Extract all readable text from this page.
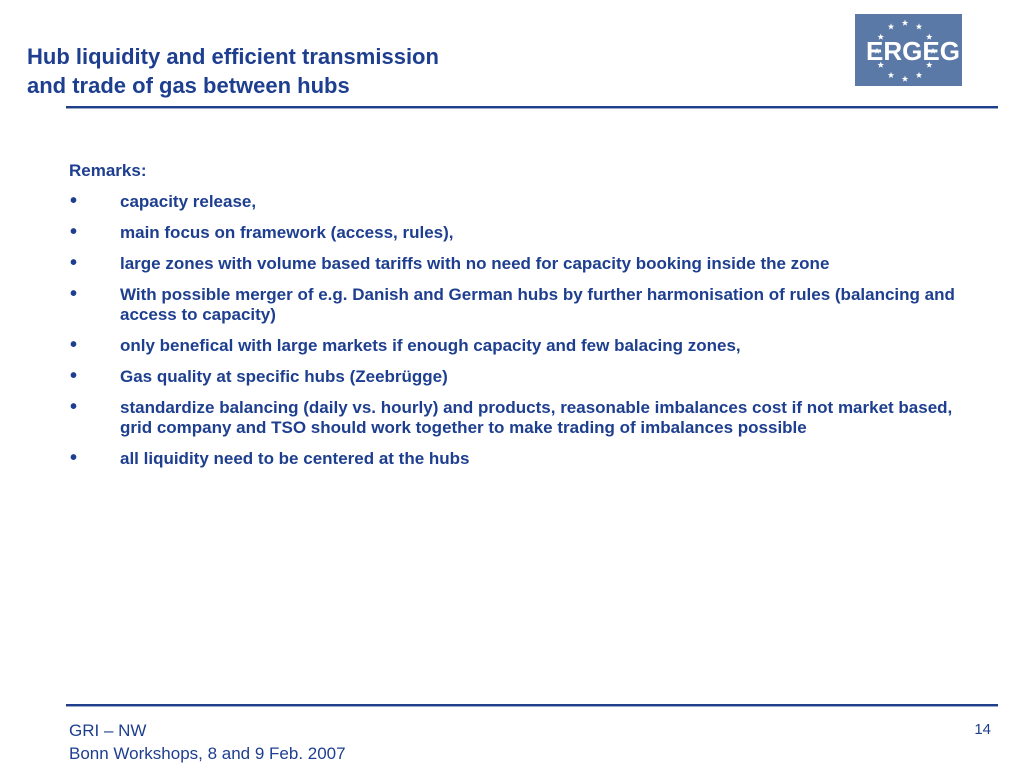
Hub liquidity and efficient transmission
and trade of gas between hubs
ERGEG
Remarks:
• capacity release,
• main focus on framework (access, rules),
• large zones with volume based tariffs with no need for capacity booking inside the zone
• With possible merger of e.g. Danish and German hubs by further harmonisation of rules (balancing and access to capacity)
• only benefical with large markets if enough capacity and few balacing zones,
• Gas quality at specific hubs (Zeebrügge)
• standardize balancing (daily vs. hourly) and products, reasonable imbalances cost if not market based, grid company and TSO should work together to make trading of imbalances possible
• all liquidity need to be centered at the hubs
GRI – NW
Bonn Workshops, 8 and 9 Feb. 2007
14
